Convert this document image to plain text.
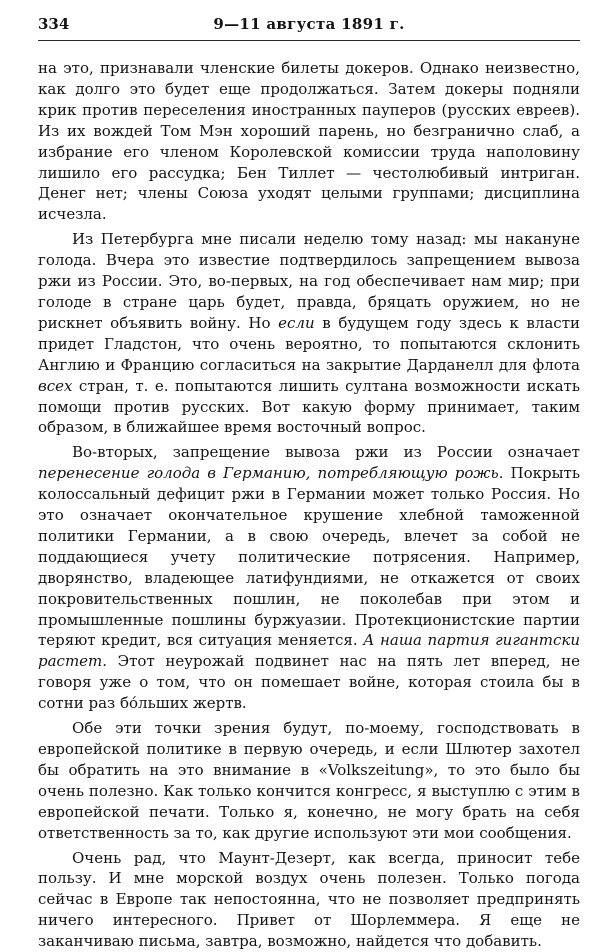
334	9—11 августа 1891 г.

на это, признавали членские билеты докеров. Однако неизвестно, как долго это будет еще продолжаться. Затем докеры подняли крик против переселения иностранных пауперов (русских евреев). Из их вождей Том Мэн хороший парень, но безгранично слаб, а избрание его членом Королевской комиссии труда наполовину лишило его рассудка; Бен Тиллет — честолюбивый интриган. Денег нет; члены Союза уходят целыми группами; дисциплина исчезла.

Из Петербурга мне писали неделю тому назад: мы накануне голода. Вчера это известие подтвердилось запрещением вывоза ржи из России. Это, во-первых, на год обеспечивает нам мир; при голоде в стране царь будет, правда, бряцать оружием, но не рискнет объявить войну. Но если в будущем году здесь к власти придет Гладстон, что очень вероятно, то попытаются склонить Англию и Францию согласиться на закрытие Дарданелл для флота всех стран, т. е. попытаются лишить султана возможности искать помощи против русских. Вот какую форму принимает, таким образом, в ближайшее время восточный вопрос.

Во-вторых, запрещение вывоза ржи из России означает перенесение голода в Германию, потребляющую рожь. Покрыть колоссальный дефицит ржи в Германии может только Россия. Но это означает окончательное крушение хлебной таможенной политики Германии, а в свою очередь, влечет за собой не поддающиеся учету политические потрясения. Например, дворянство, владеющее латифундиями, не откажется от своих покровительственных пошлин, не поколебав при этом и промышленные пошлины буржуазии. Протекционистские партии теряют кредит, вся ситуация меняется. А наша партия гигантски растет. Этот неурожай подвинет нас на пять лет вперед, не говоря уже о том, что он помешает войне, которая стоила бы в сотни раз бо́льших жертв.

Обе эти точки зрения будут, по-моему, господствовать в европейской политике в первую очередь, и если Шлютер захотел бы обратить на это внимание в «Volkszeitung», то это было бы очень полезно. Как только кончится конгресс, я выступлю с этим в европейской печати. Только я, конечно, не могу брать на себя ответственность за то, как другие используют эти мои сообщения.

Очень рад, что Маунт-Дезерт, как всегда, приносит тебе пользу. И мне морской воздух очень полезен. Только погода сейчас в Европе так непостоянна, что не позволяет предпринять ничего интересного. Привет от Шорлеммера. Я еще не заканчиваю письма, завтра, возможно, найдется что добавить.
